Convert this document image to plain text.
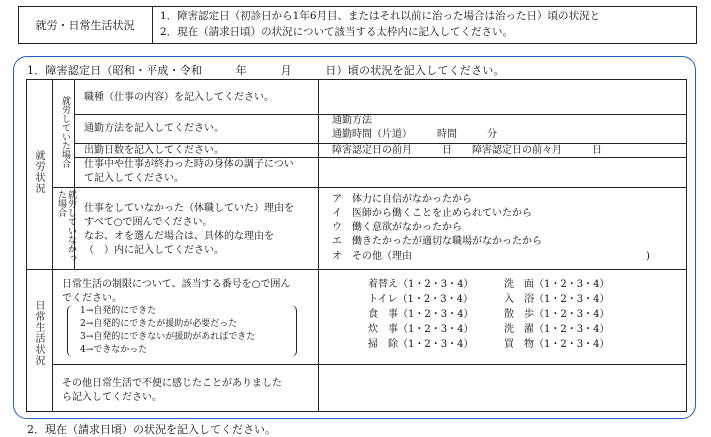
就労・日常生活状況
1．障害認定日（初診日から1年6月目、またはそれ以前に治った場合は治った日）頃の状況と
2．現在（請求日頃）の状況について該当する太枠内に記入してください。
1．障害認定日（昭和・平成・令和　　　年　　　月　　　日）頃の状況を記入してください。
就労状況
就労していた場合
就労していなかった場合
日常生活状況
職種（仕事の内容）を記入してください。
通勤方法を記入してください。
出勤日数を記入してください。
仕事中や仕事が終わった時の身体の調子につい
て記入してください。
仕事をしていなかった（休職していた）理由を
すべて○で囲んでください。
なお、オを選んだ場合は、具体的な理由を
（　）内に記入してください。
通勤方法
通勤時間（片道）　　　時間　　　分
障害認定日の前月　　　日　　障害認定日の前々月　　　日
ア　体力に自信がなかったから
イ　医師から働くことを止められていたから
ウ　働く意欲がなかったから
エ　働きたかったが適切な職場がなかったから
オ　その他（理由	)
日常生活の制限について、該当する番号を○で囲ん
でください。
1→自発的にできた
2→自発的にできたが援助が必要だった
3→自発的にできないが援助があればできた
4→できなかった
着替え（1・2・3・4）
トイレ（1・2・3・4）
食　事（1・2・3・4）
炊　事（1・2・3・4）
掃　除（1・2・3・4）
洗　面（1・2・3・4）
入　浴（1・2・3・4）
散　歩（1・2・3・4）
洗　濯（1・2・3・4）
買　物（1・2・3・4）
その他日常生活で不便に感じたことがありました
ら記入してください。
2．現在（請求日頃）の状況を記入してください。
